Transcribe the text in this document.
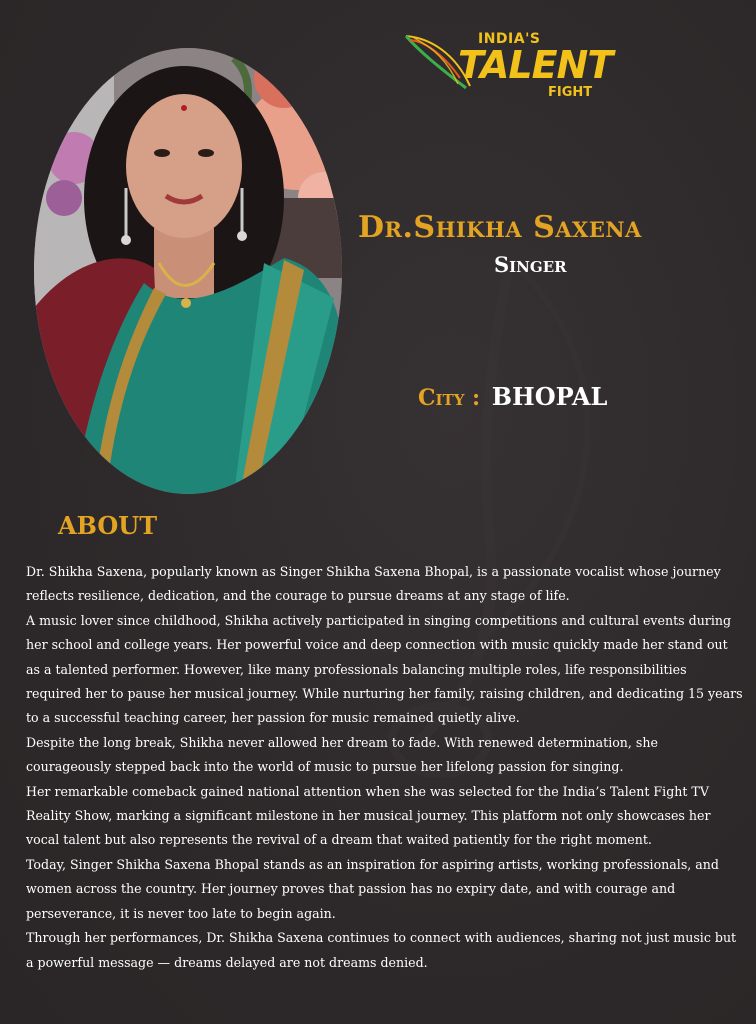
INDIA'S
TALENT
FIGHT
Dr.Shikha Saxena
Singer
City : BHOPAL
ABOUT

Dr. Shikha Saxena, popularly known as Singer Shikha Saxena Bhopal, is a passionate vocalist whose journey reflects resilience, dedication, and the courage to pursue dreams at any stage of life.

A music lover since childhood, Shikha actively participated in singing competitions and cultural events during her school and college years. Her powerful voice and deep connection with music quickly made her stand out as a talented performer. However, like many professionals balancing multiple roles, life responsibilities required her to pause her musical journey. While nurturing her family, raising children, and dedicating 15 years to a successful teaching career, her passion for music remained quietly alive.

Despite the long break, Shikha never allowed her dream to fade. With renewed determination, she courageously stepped back into the world of music to pursue her lifelong passion for singing.

Her remarkable comeback gained national attention when she was selected for the India’s Talent Fight TV Reality Show, marking a significant milestone in her musical journey. This platform not only showcases her vocal talent but also represents the revival of a dream that waited patiently for the right moment.

Today, Singer Shikha Saxena Bhopal stands as an inspiration for aspiring artists, working professionals, and women across the country. Her journey proves that passion has no expiry date, and with courage and perseverance, it is never too late to begin again.

Through her performances, Dr. Shikha Saxena continues to connect with audiences, sharing not just music but a powerful message — dreams delayed are not dreams denied.
